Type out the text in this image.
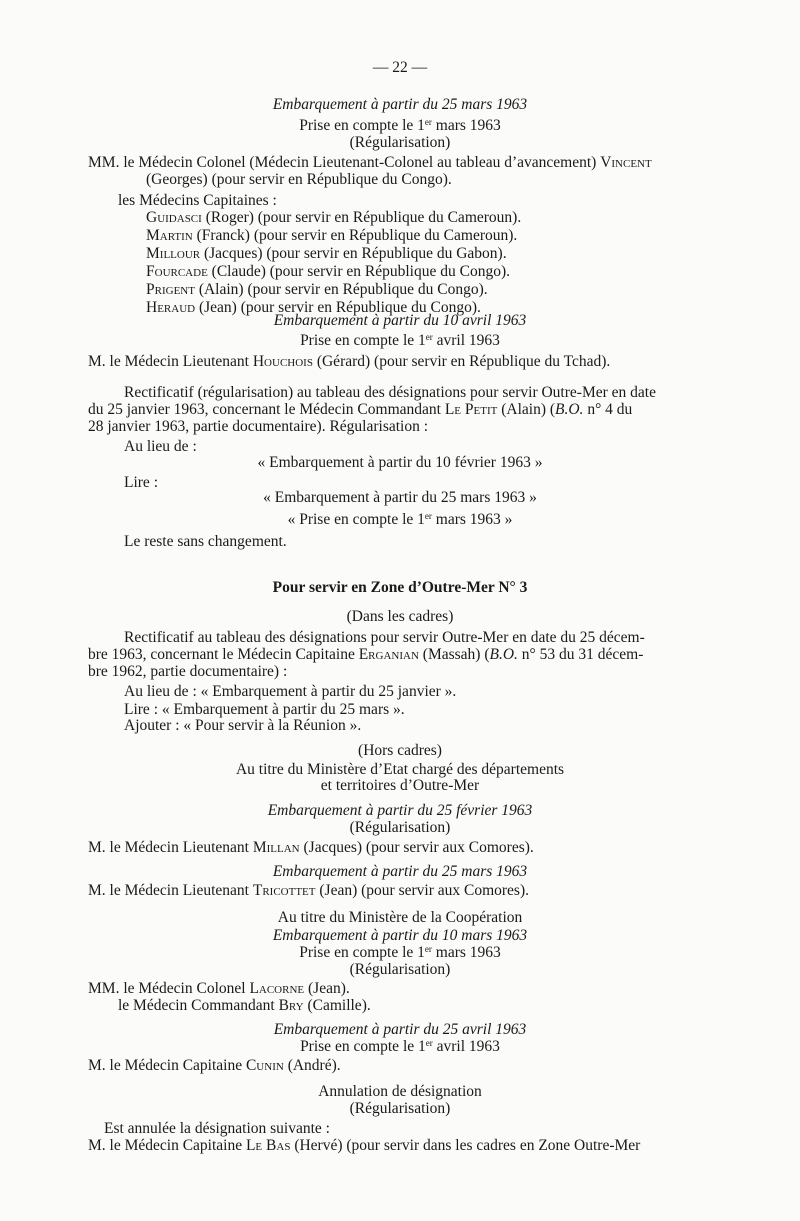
— 22 —
Embarquement à partir du 25 mars 1963
Prise en compte le 1er mars 1963
(Régularisation)
MM. le Médecin Colonel (Médecin Lieutenant-Colonel au tableau d’avancement) Vincent
(Georges) (pour servir en République du Congo).
les Médecins Capitaines :
Guidasci (Roger) (pour servir en République du Cameroun).
Martin (Franck) (pour servir en République du Cameroun).
Millour (Jacques) (pour servir en République du Gabon).
Fourcade (Claude) (pour servir en République du Congo).
Prigent (Alain) (pour servir en République du Congo).
Heraud (Jean) (pour servir en République du Congo).
Embarquement à partir du 10 avril 1963
Prise en compte le 1er avril 1963
M. le Médecin Lieutenant Houchois (Gérard) (pour servir en République du Tchad).
Rectificatif (régularisation) au tableau des désignations pour servir Outre-Mer en date
du 25 janvier 1963, concernant le Médecin Commandant Le Petit (Alain) (B.O. n° 4 du
28 janvier 1963, partie documentaire). Régularisation :
Au lieu de :
« Embarquement à partir du 10 février 1963 »
Lire :
« Embarquement à partir du 25 mars 1963 »
« Prise en compte le 1er mars 1963 »
Le reste sans changement.
Pour servir en Zone d’Outre-Mer N° 3
(Dans les cadres)
Rectificatif au tableau des désignations pour servir Outre-Mer en date du 25 décem-
bre 1963, concernant le Médecin Capitaine Erganian (Massah) (B.O. n° 53 du 31 décem-
bre 1962, partie documentaire) :
Au lieu de : « Embarquement à partir du 25 janvier ».
Lire : « Embarquement à partir du 25 mars ».
Ajouter : « Pour servir à la Réunion ».
(Hors cadres)
Au titre du Ministère d’Etat chargé des départements
et territoires d’Outre-Mer
Embarquement à partir du 25 février 1963
(Régularisation)
M. le Médecin Lieutenant Millan (Jacques) (pour servir aux Comores).
Embarquement à partir du 25 mars 1963
M. le Médecin Lieutenant Tricottet (Jean) (pour servir aux Comores).
Au titre du Ministère de la Coopération
Embarquement à partir du 10 mars 1963
Prise en compte le 1er mars 1963
(Régularisation)
MM. le Médecin Colonel Lacorne (Jean).
le Médecin Commandant Bry (Camille).
Embarquement à partir du 25 avril 1963
Prise en compte le 1er avril 1963
M. le Médecin Capitaine Cunin (André).
Annulation de désignation
(Régularisation)
Est annulée la désignation suivante :
M. le Médecin Capitaine Le Bas (Hervé) (pour servir dans les cadres en Zone Outre-Mer
